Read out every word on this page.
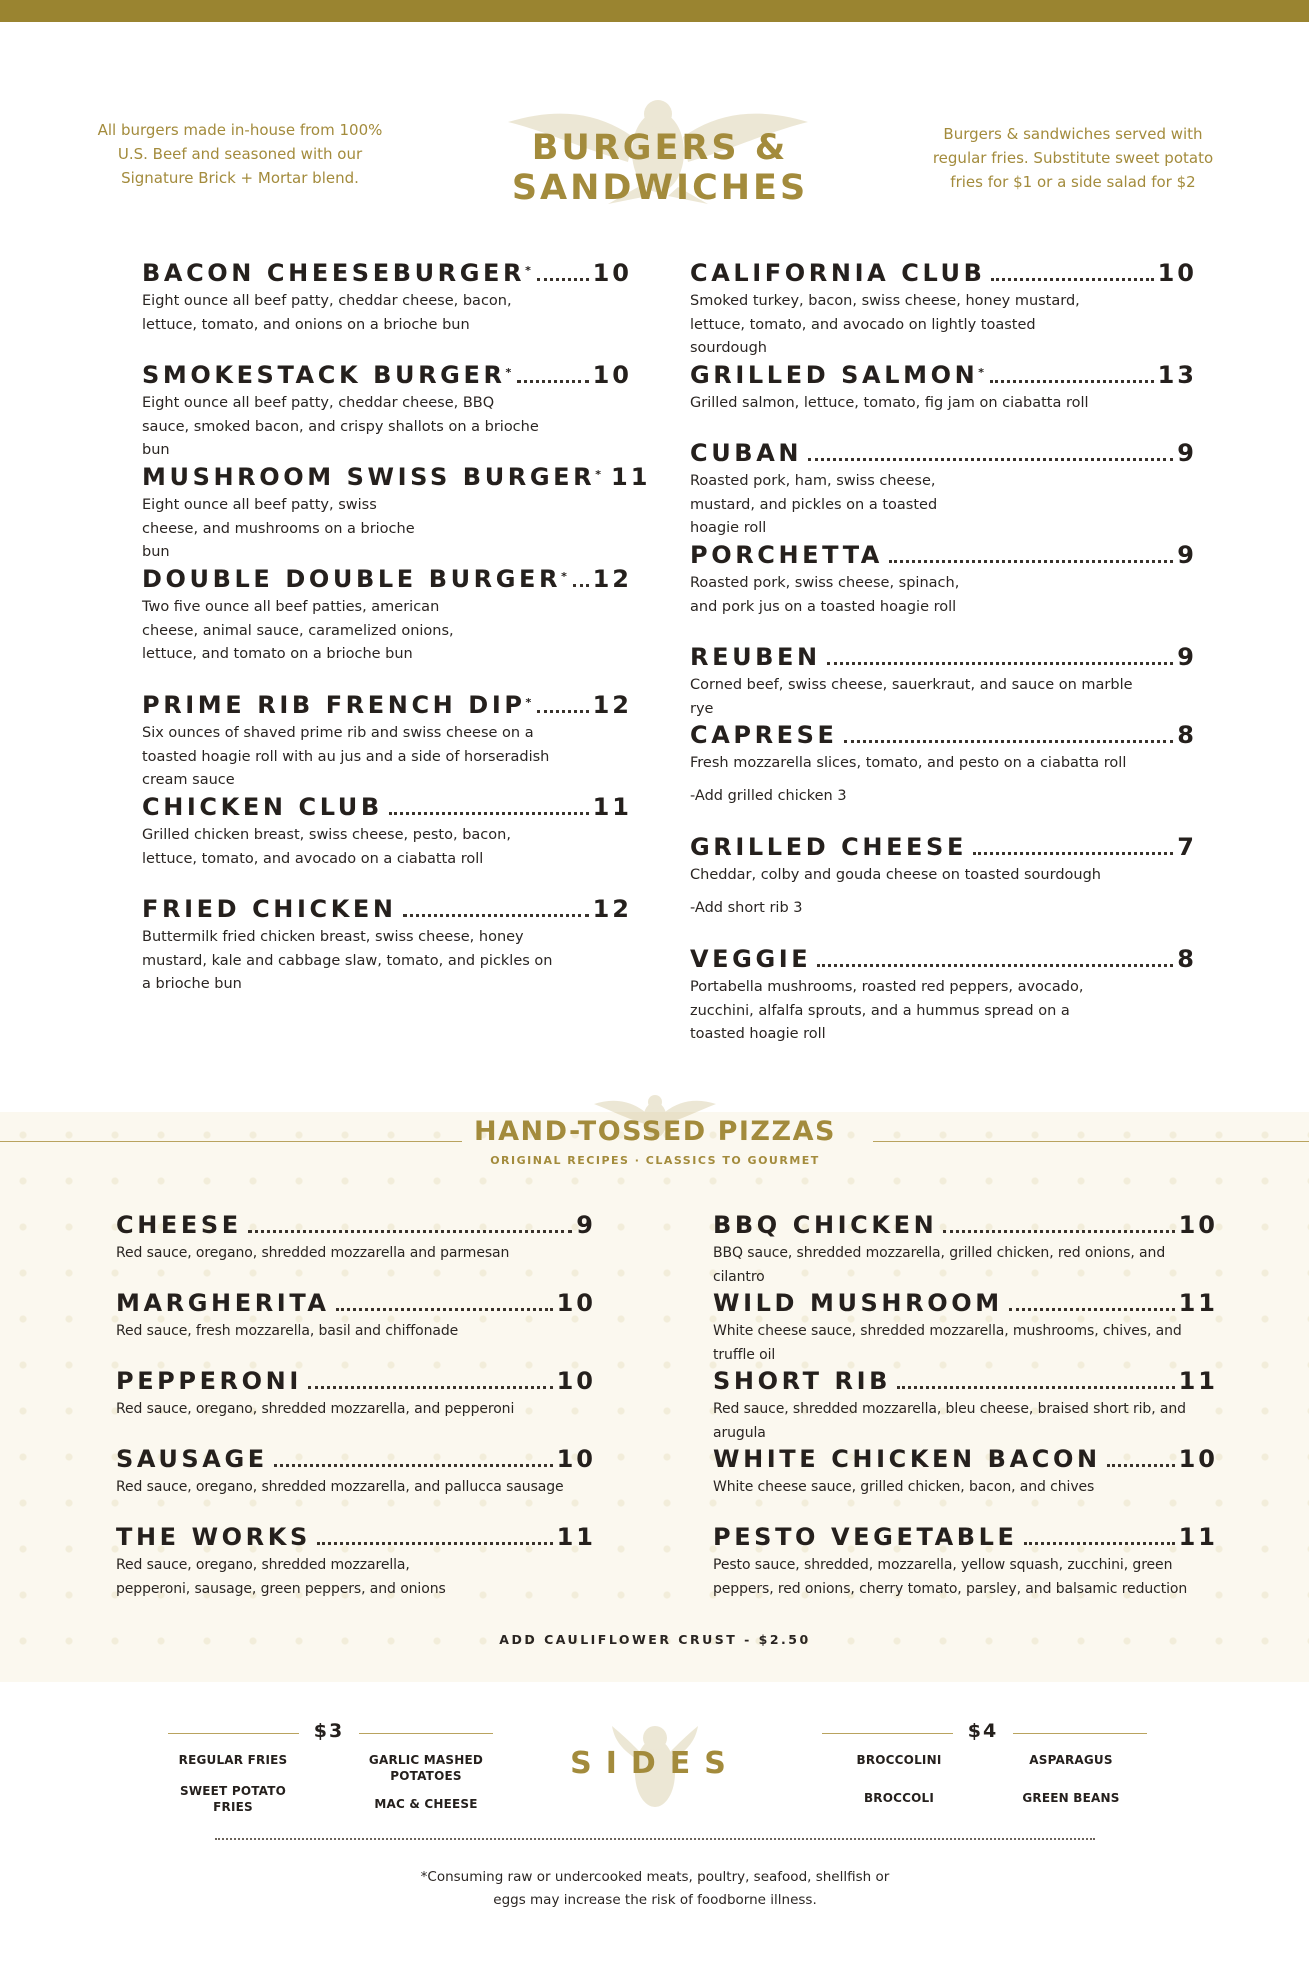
All burgers made in-house from 100% U.S. Beef and seasoned with our Signature Brick + Mortar blend.
BURGERS & SANDWICHES
Burgers & sandwiches served with regular fries. Substitute sweet potato fries for $1 or a side salad for $2
BACON CHEESEBURGER*	10
Eight ounce all beef patty, cheddar cheese, bacon, lettuce, tomato, and onions on a brioche bun
SMOKESTACK BURGER*	10
Eight ounce all beef patty, cheddar cheese, BBQ sauce, smoked bacon, and crispy shallots on a brioche bun
MUSHROOM SWISS BURGER* 11
Eight ounce all beef patty, swiss cheese, and mushrooms on a brioche bun
DOUBLE DOUBLE BURGER* 12
Two five ounce all beef patties, american cheese, animal sauce, caramelized onions, lettuce, and tomato on a brioche bun
PRIME RIB FRENCH DIP*	12
Six ounces of shaved prime rib and swiss cheese on a toasted hoagie roll with au jus and a side of horseradish cream sauce
CHICKEN CLUB	11
Grilled chicken breast, swiss cheese, pesto, bacon, lettuce, tomato, and avocado on a ciabatta roll
FRIED CHICKEN	12
Buttermilk fried chicken breast, swiss cheese, honey mustard, kale and cabbage slaw, tomato, and pickles on a brioche bun
CALIFORNIA CLUB	10
Smoked turkey, bacon, swiss cheese, honey mustard, lettuce, tomato, and avocado on lightly toasted sourdough
GRILLED SALMON*	13
Grilled salmon, lettuce, tomato, fig jam on ciabatta roll
CUBAN	9
Roasted pork, ham, swiss cheese, mustard, and pickles on a toasted hoagie roll
PORCHETTA	9
Roasted pork, swiss cheese, spinach, and pork jus on a toasted hoagie roll
REUBEN	9
Corned beef, swiss cheese, sauerkraut, and sauce on marble rye
CAPRESE	8
Fresh mozzarella slices, tomato, and pesto on a ciabatta roll
-Add grilled chicken 3
GRILLED CHEESE	7
Cheddar, colby and gouda cheese on toasted sourdough
-Add short rib 3
VEGGIE	8
Portabella mushrooms, roasted red peppers, avocado, zucchini, alfalfa sprouts, and a hummus spread on a toasted hoagie roll
HAND-TOSSED PIZZAS
ORIGINAL RECIPES · CLASSICS TO GOURMET
CHEESE	9
Red sauce, oregano, shredded mozzarella and parmesan
MARGHERITA	10
Red sauce, fresh mozzarella, basil and chiffonade
PEPPERONI	10
Red sauce, oregano, shredded mozzarella, and pepperoni
SAUSAGE	10
Red sauce, oregano, shredded mozzarella, and pallucca sausage
THE WORKS	11
Red sauce, oregano, shredded mozzarella, pepperoni, sausage, green peppers, and onions
BBQ CHICKEN	10
BBQ sauce, shredded mozzarella, grilled chicken, red onions, and cilantro
WILD MUSHROOM	11
White cheese sauce, shredded mozzarella, mushrooms, chives, and truffle oil
SHORT RIB	11
Red sauce, shredded mozzarella, bleu cheese, braised short rib, and arugula
WHITE CHICKEN BACON	10
White cheese sauce, grilled chicken, bacon, and chives
PESTO VEGETABLE	11
Pesto sauce, shredded, mozzarella, yellow squash, zucchini, green peppers, red onions, cherry tomato, parsley, and balsamic reduction
ADD CAULIFLOWER CRUST - $2.50
$3	$4
SIDES
REGULAR FRIES
SWEET POTATO FRIES
GARLIC MASHED POTATOES
MAC & CHEESE
BROCCOLINI
BROCCOLI
ASPARAGUS
GREEN BEANS
*Consuming raw or undercooked meats, poultry, seafood, shellfish or eggs may increase the risk of foodborne illness.
